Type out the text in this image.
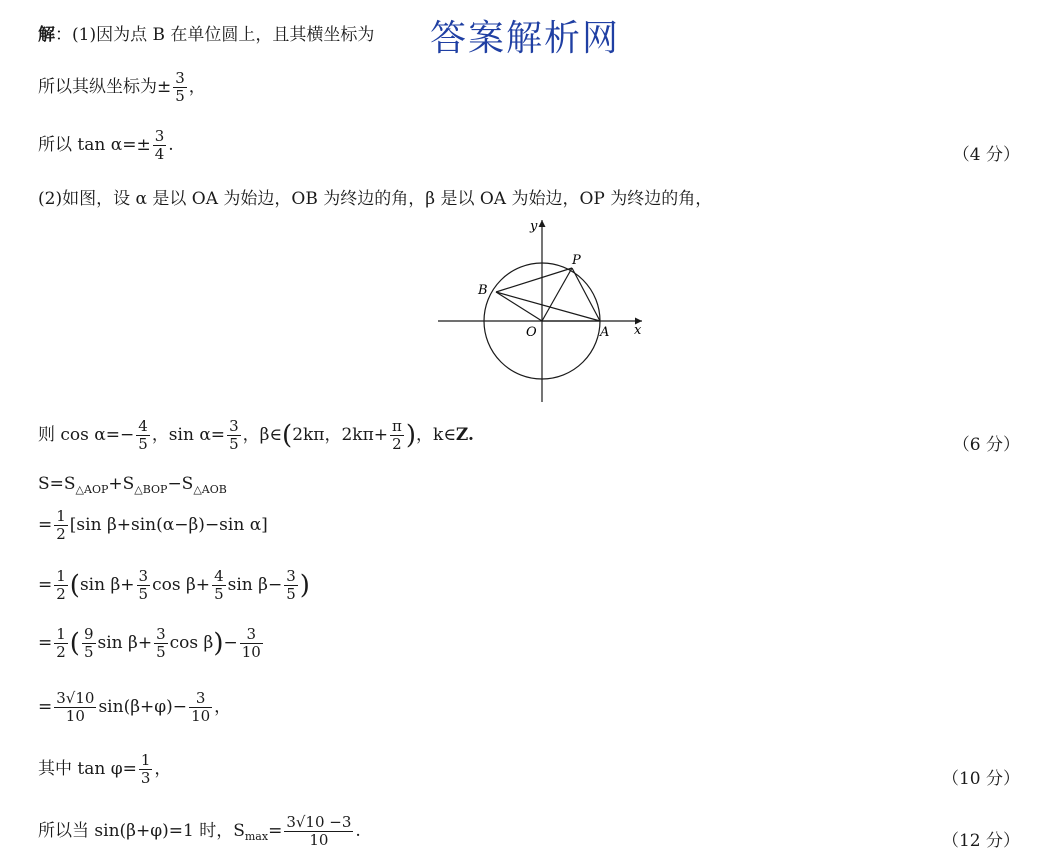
答案解析网
解：(1)因为点 B 在单位圆上，且其横坐标为
所以其纵坐标为± $\frac{3}{5}$ ，
所以 $\tan \alpha=\pm \frac{3}{4}$ .	（4 分）
(2)如图，设 α 是以 OA 为始边，OB 为终边的角，β 是以 OA 为始边，OP 为终边的角，
y
x
O	A
B
P
则 $\cos \alpha=- \frac{4}{5}$ ，$\sin \alpha= \frac{3}{5}$ ，β∈(2kπ，$2k\pi+ \frac{\pi}{2}$ )，k∈Z.	（6 分）
$S=S_{\triangle AOP}+S_{\triangle BOP}-S_{\triangle AOB}$
= $\frac{1}{2} [\sin$ β+sin(α−β)−sin α]
= $\frac{1}{2} (\sin$ $\beta+ \frac{3}{5}$ $\cos \beta+ \frac{4}{5}$ $\sin \beta- \frac{3}{5}$ )
= $\frac{1}{2}$ ( $\frac{9}{5}$ $\sin \beta+ \frac{3}{5}$ $\cos \beta)- \frac{3}{10}$
= $\frac{3√10}{10} \sin(\beta+\varphi)- \frac{3}{10}$ ，
其中 $\tan \varphi= \frac{1}{3}$ ，	（10 分）
所以当 sin(β+φ)=1 时，$S_{max}= \frac{3√10 -3}{10}$ .	（12 分）
